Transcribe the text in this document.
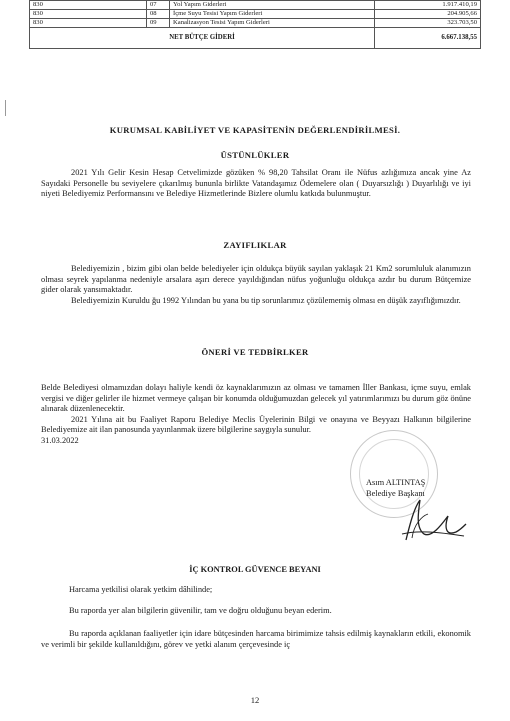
830	07	Yol Yapım Giderleri	1.917.410,19
830	08	İçme Suyu Tesisi Yapım Giderleri	204.905,66
830	09	Kanalizasyon Tesisi Yapım Giderleri	323.703,50
NET BÜTÇE GİDERİ			6.667.138,55
KURUMSAL KABİLİYET VE KAPASİTENİN DEĞERLENDİRİLMESİ.
ÜSTÜNLÜKLER

2021 Yılı Gelir Kesin Hesap Cetvelimizde gözüken % 98,20 Tahsilat Oranı ile Nüfus azlığımıza ancak yine Az Sayıdaki Personelle bu seviyelere çıkarılmış bununla birlikte Vatandaşımız Ödemelere olan ( Duyarsızlığı ) Duyarlılığı ve iyi niyeti Belediyemiz Performansını ve Belediye Hizmetlerinde Bizlere olumlu katkıda bulunmuştur.

ZAYIFLIKLAR

Belediyemizin , bizim gibi olan belde belediyeler için oldukça büyük sayılan yaklaşık 21 Km2 sorumluluk alanımızın olması seyrek yapılanma nedeniyle arsalara aşırı derece yayıldığından nüfus yoğunluğu oldukça azdır bu durum Bütçemize gider olarak yansımaktadır.

Belediyemizin Kuruldu ğu 1992 Yılından bu yana bu tip sorunlarımız çözülememiş olması en düşük zayıflığımızdır.

ÖNERİ VE TEDBİRLKER

Belde Belediyesi olmamızdan dolayı haliyle kendi öz kaynaklarımızın az olması ve tamamen İller Bankası, içme suyu, emlak vergisi ve diğer gelirler ile hizmet vermeye çalışan bir konumda olduğumuzdan gelecek yıl yatırımlarımızı bu durum göz önüne alınarak düzenlenecektir.

2021 Yılına ait bu Faaliyet Raporu Belediye Meclis Üyelerinin Bilgi ve onayına ve Beyyazı Halkının bilgilerine Belediyemize ait ilan panosunda yayınlanmak üzere bilgilerine saygıyla sunulur.

31.03.2022

Asım ALTINTAŞ
Belediye Başkanı
İÇ KONTROL GÜVENCE BEYANI
Harcama yetkilisi olarak yetkim dâhilinde;
Bu raporda yer alan bilgilerin güvenilir, tam ve doğru olduğunu beyan ederim.
Bu raporda açıklanan faaliyetler için idare bütçesinden harcama birimimize tahsis edilmiş kaynakların etkili, ekonomik ve verimli bir şekilde kullanıldığını, görev ve yetki alanım çerçevesinde iç
12
